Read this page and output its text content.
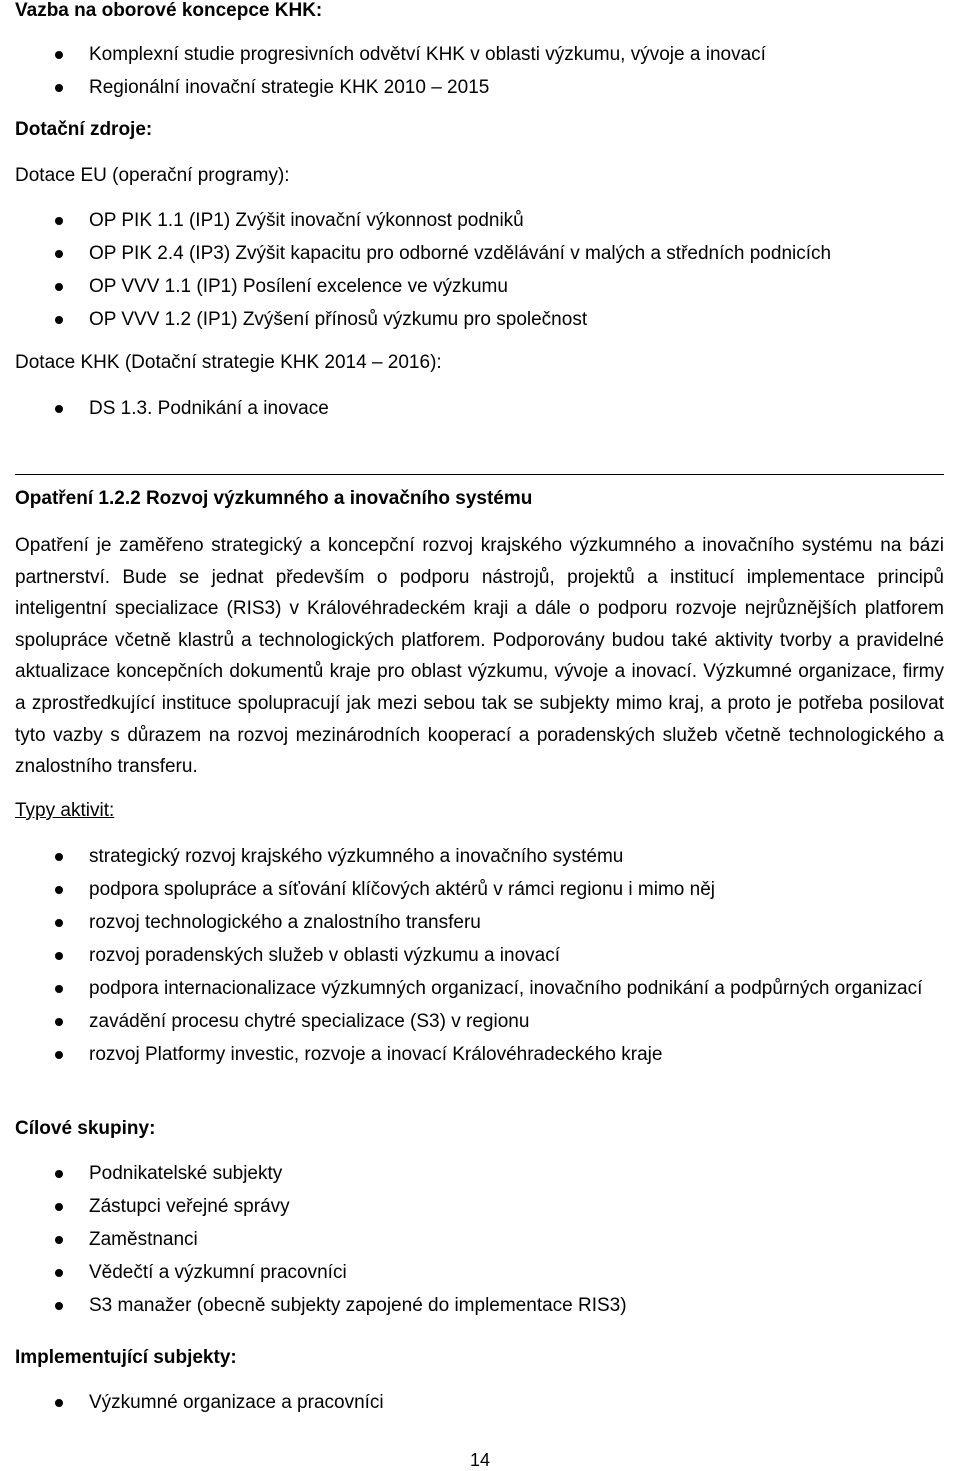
Vazba na oborové koncepce KHK:
Komplexní studie progresivních odvětví KHK v oblasti výzkumu, vývoje a inovací
Regionální inovační strategie KHK 2010 – 2015
Dotační zdroje:
Dotace EU (operační programy):
OP PIK 1.1 (IP1) Zvýšit inovační výkonnost podniků
OP PIK 2.4 (IP3) Zvýšit kapacitu pro odborné vzdělávání v malých a středních podnicích
OP VVV 1.1 (IP1) Posílení excelence ve výzkumu
OP VVV 1.2 (IP1) Zvýšení přínosů výzkumu pro společnost
Dotace KHK (Dotační strategie KHK 2014 – 2016):
DS 1.3. Podnikání a inovace
Opatření 1.2.2 Rozvoj výzkumného a inovačního systému
Opatření je zaměřeno strategický a koncepční rozvoj krajského výzkumného a inovačního systému na bázi partnerství. Bude se jednat především o podporu nástrojů, projektů a institucí implementace principů inteligentní specializace (RIS3) v Královéhradeckém kraji a dále o podporu rozvoje nejrůznějších platforem spolupráce včetně klastrů a technologických platforem. Podporovány budou také aktivity tvorby a pravidelné aktualizace koncepčních dokumentů kraje pro oblast výzkumu, vývoje a inovací. Výzkumné organizace, firmy a zprostředkující instituce spolupracují jak mezi sebou tak se subjekty mimo kraj, a proto je potřeba posilovat tyto vazby s důrazem na rozvoj mezinárodních kooperací a poradenských služeb včetně technologického a znalostního transferu.
Typy aktivit:
strategický rozvoj krajského výzkumného a inovačního systému
podpora spolupráce a síťování klíčových aktérů v rámci regionu i mimo něj
rozvoj technologického a znalostního transferu
rozvoj poradenských služeb v oblasti výzkumu a inovací
podpora internacionalizace výzkumných organizací, inovačního podnikání a podpůrných organizací
zavádění procesu chytré specializace (S3) v regionu
rozvoj Platformy investic, rozvoje a inovací Královéhradeckého kraje
Cílové skupiny:
Podnikatelské subjekty
Zástupci veřejné správy
Zaměstnanci
Vědečtí a výzkumní pracovníci
S3 manažer (obecně subjekty zapojené do implementace RIS3)
Implementující subjekty:
Výzkumné organizace a pracovníci
14
